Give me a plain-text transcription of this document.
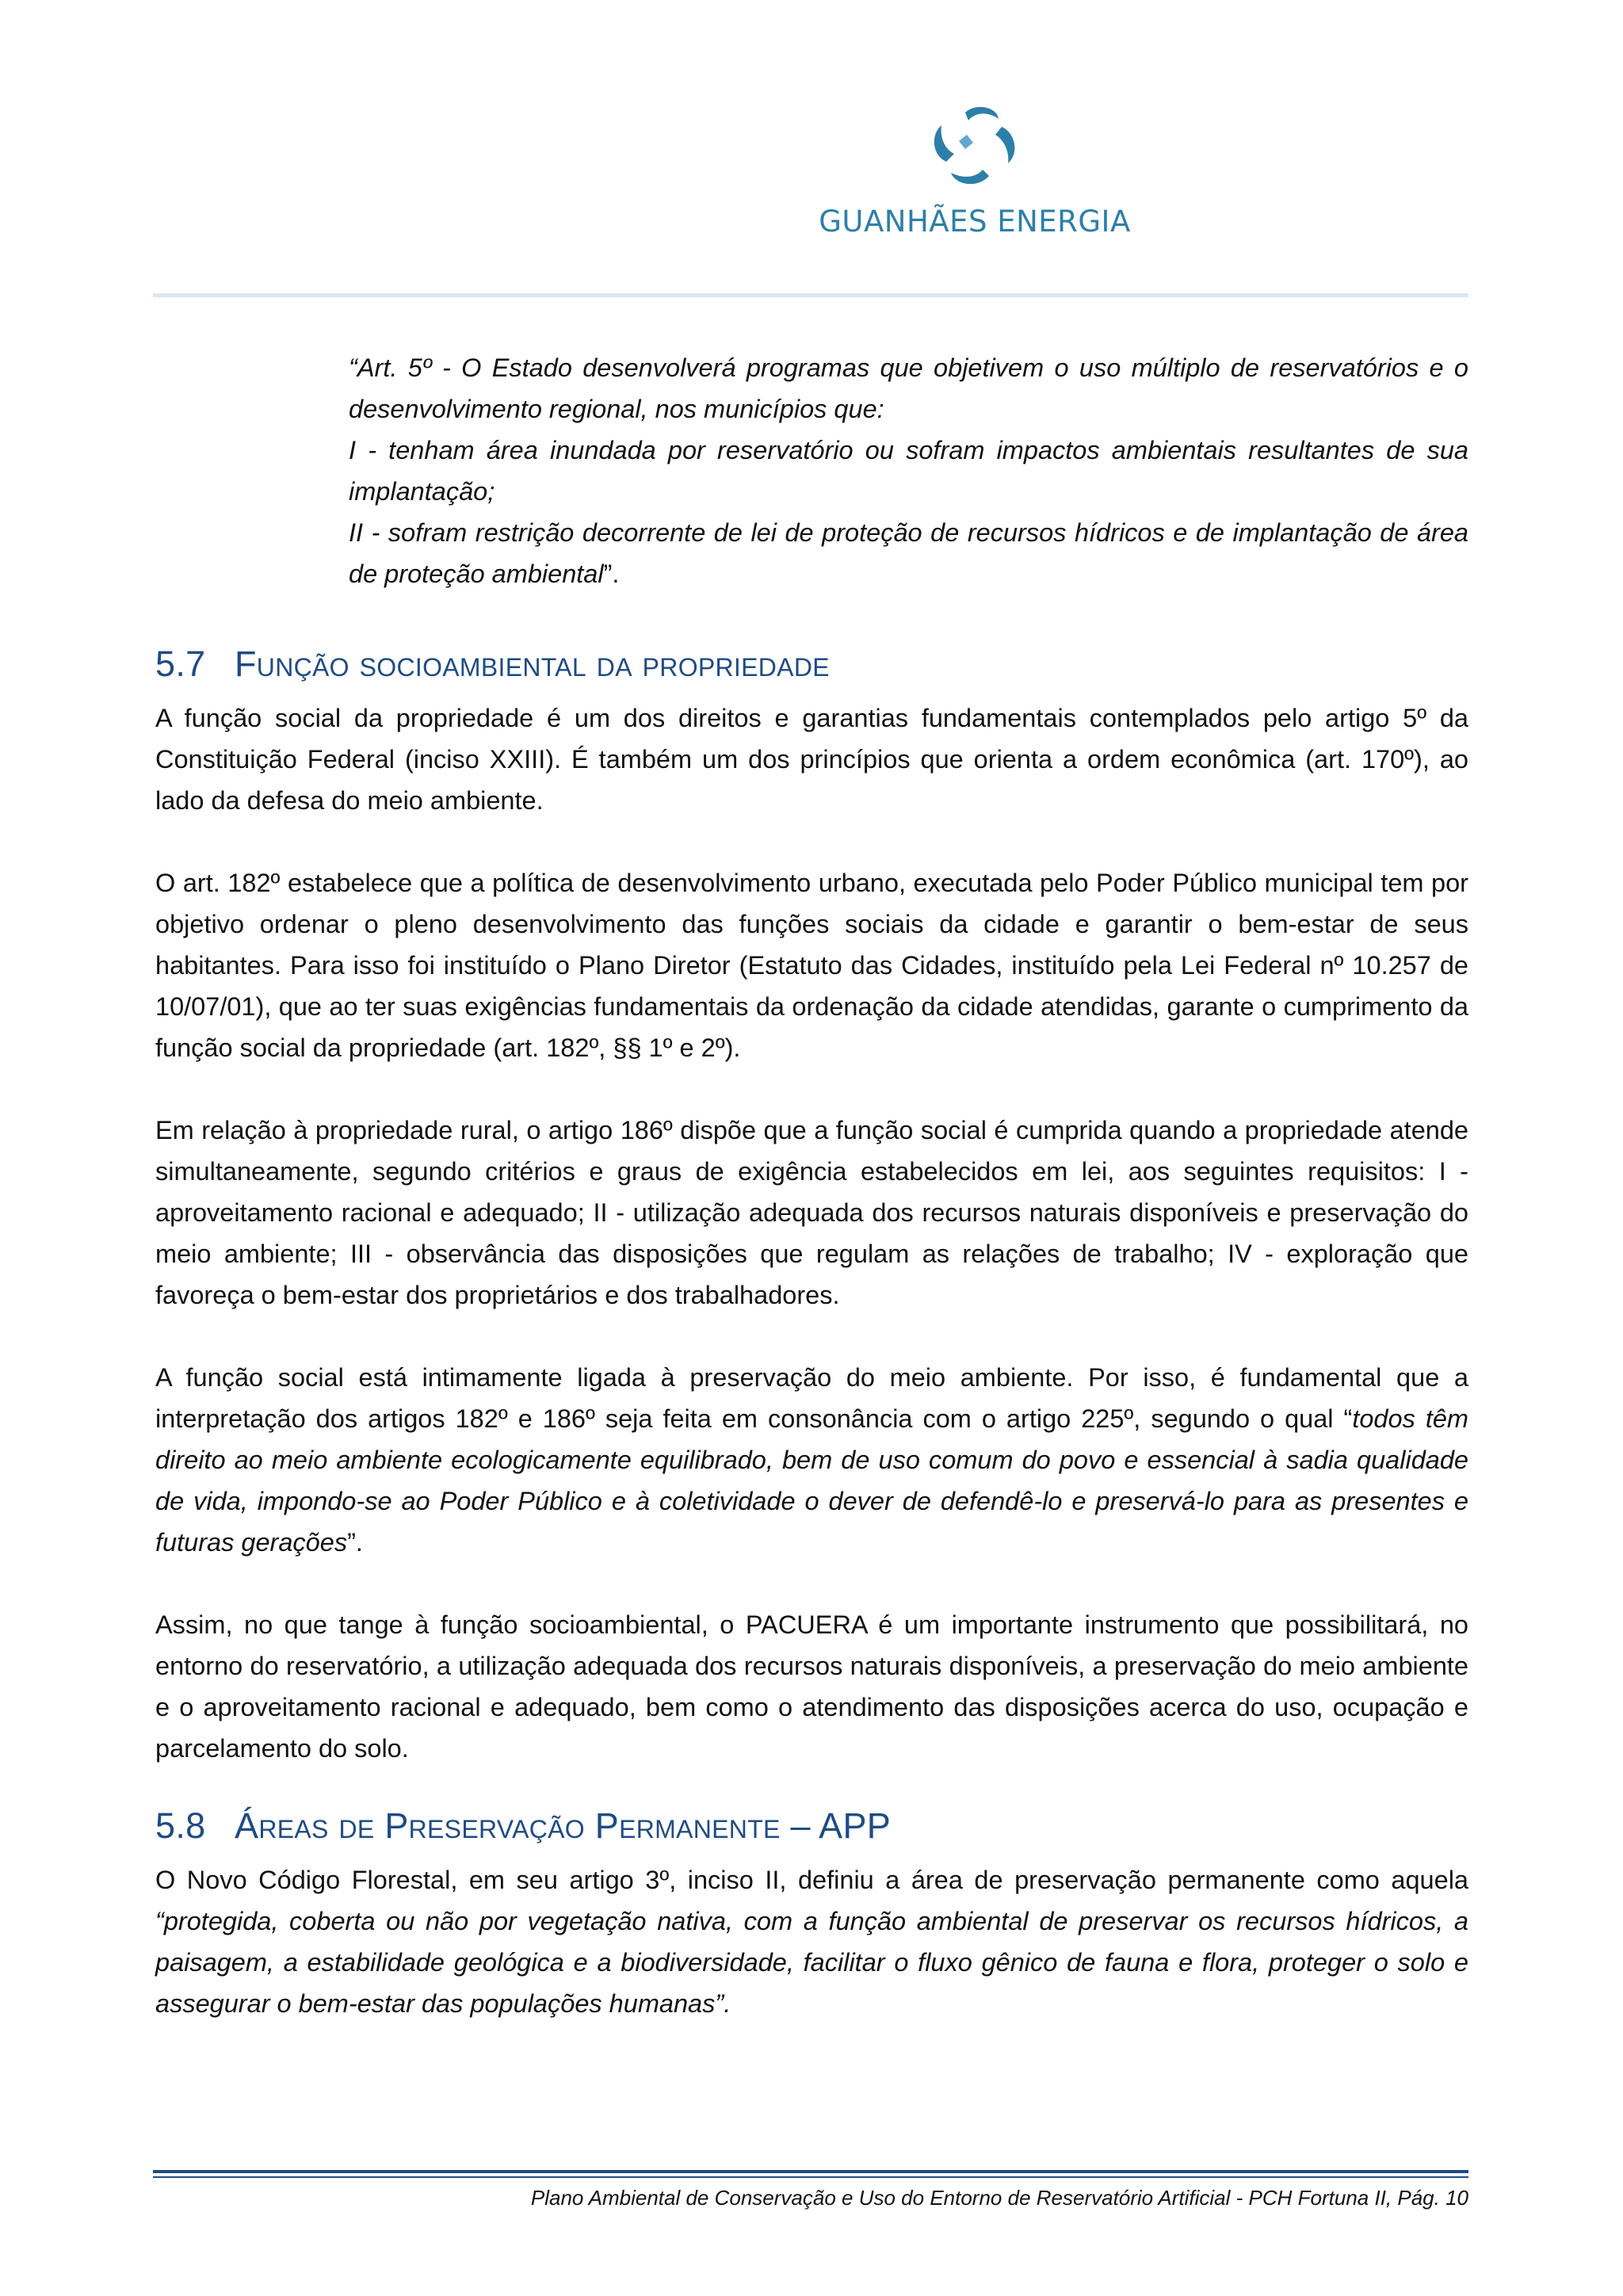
GUANHÃES ENERGIA

“Art. 5º - O Estado desenvolverá programas que objetivem o uso múltiplo de reservatórios e o desenvolvimento regional, nos municípios que:

I - tenham área inundada por reservatório ou sofram impactos ambientais resultantes de sua implantação;

II - sofram restrição decorrente de lei de proteção de recursos hídricos e de implantação de área de proteção ambiental”.

5.7 Função socioambiental da propriedade

A função social da propriedade é um dos direitos e garantias fundamentais contemplados pelo artigo 5º da Constituição Federal (inciso XXIII). É também um dos princípios que orienta a ordem econômica (art. 170º), ao lado da defesa do meio ambiente.

O art. 182º estabelece que a política de desenvolvimento urbano, executada pelo Poder Público municipal tem por objetivo ordenar o pleno desenvolvimento das funções sociais da cidade e garantir o bem-estar de seus habitantes. Para isso foi instituído o Plano Diretor (Estatuto das Cidades, instituído pela Lei Federal nº 10.257 de 10/07/01), que ao ter suas exigências fundamentais da ordenação da cidade atendidas, garante o cumprimento da função social da propriedade (art. 182º, §§ 1º e 2º).

Em relação à propriedade rural, o artigo 186º dispõe que a função social é cumprida quando a propriedade atende simultaneamente, segundo critérios e graus de exigência estabelecidos em lei, aos seguintes requisitos: I - aproveitamento racional e adequado; II - utilização adequada dos recursos naturais disponíveis e preservação do meio ambiente; III - observância das disposições que regulam as relações de trabalho; IV - exploração que favoreça o bem-estar dos proprietários e dos trabalhadores.

A função social está intimamente ligada à preservação do meio ambiente. Por isso, é fundamental que a interpretação dos artigos 182º e 186º seja feita em consonância com o artigo 225º, segundo o qual “todos têm direito ao meio ambiente ecologicamente equilibrado, bem de uso comum do povo e essencial à sadia qualidade de vida, impondo-se ao Poder Público e à coletividade o dever de defendê-lo e preservá-lo para as presentes e futuras gerações”.

Assim, no que tange à função socioambiental, o PACUERA é um importante instrumento que possibilitará, no entorno do reservatório, a utilização adequada dos recursos naturais disponíveis, a preservação do meio ambiente e o aproveitamento racional e adequado, bem como o atendimento das disposições acerca do uso, ocupação e parcelamento do solo.

5.8 Áreas de Preservação Permanente – APP

O Novo Código Florestal, em seu artigo 3º, inciso II, definiu a área de preservação permanente como aquela “protegida, coberta ou não por vegetação nativa, com a função ambiental de preservar os recursos hídricos, a paisagem, a estabilidade geológica e a biodiversidade, facilitar o fluxo gênico de fauna e flora, proteger o solo e assegurar o bem-estar das populações humanas”.

Plano Ambiental de Conservação e Uso do Entorno de Reservatório Artificial - PCH Fortuna II, Pág. 10
